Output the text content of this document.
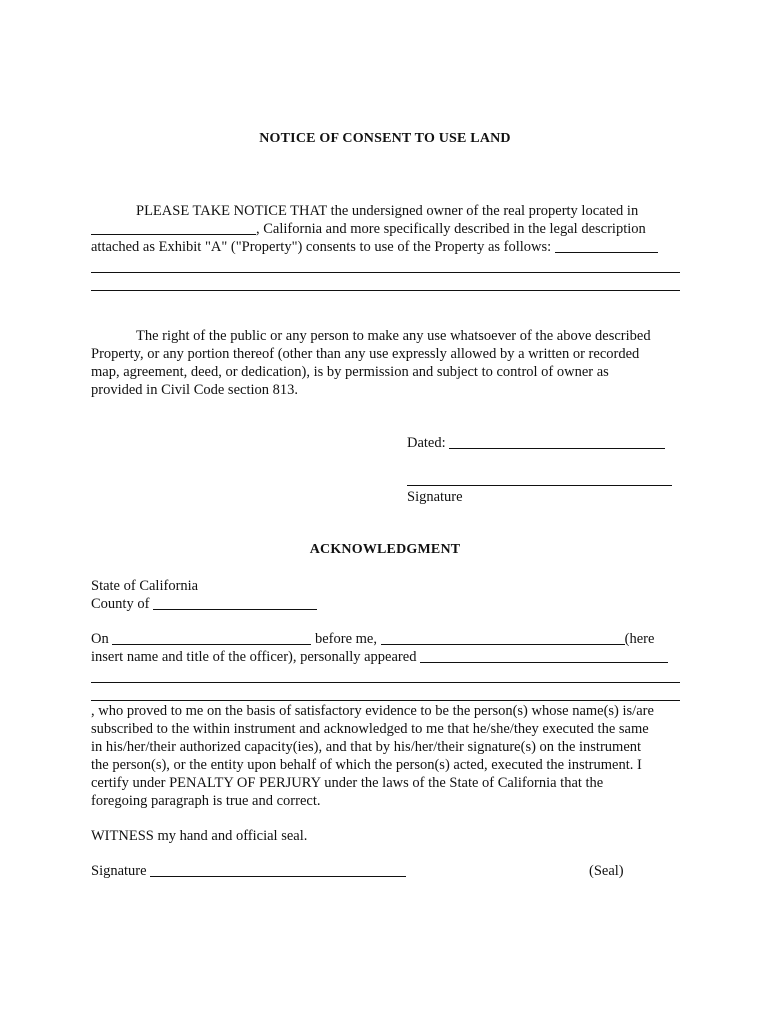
NOTICE OF CONSENT TO USE LAND
PLEASE TAKE NOTICE THAT the undersigned owner of the real property located in
, California and more specifically described in the legal description
attached as Exhibit "A" ("Property") consents to use of the Property as follows:
The right of the public or any person to make any use whatsoever of the above described
Property, or any portion thereof (other than any use expressly allowed by a written or recorded
map, agreement, deed, or dedication), is by permission and subject to control of owner as
provided in Civil Code section 813.
Dated:
Signature
ACKNOWLEDGMENT
State of California
County of
On	before me,	(here
insert name and title of the officer), personally appeared
, who proved to me on the basis of satisfactory evidence to be the person(s) whose name(s) is/are
subscribed to the within instrument and acknowledged to me that he/she/they executed the same
in his/her/their authorized capacity(ies), and that by his/her/their signature(s) on the instrument
the person(s), or the entity upon behalf of which the person(s) acted, executed the instrument. I
certify under PENALTY OF PERJURY under the laws of the State of California that the
foregoing paragraph is true and correct.
WITNESS my hand and official seal.
Signature	(Seal)
